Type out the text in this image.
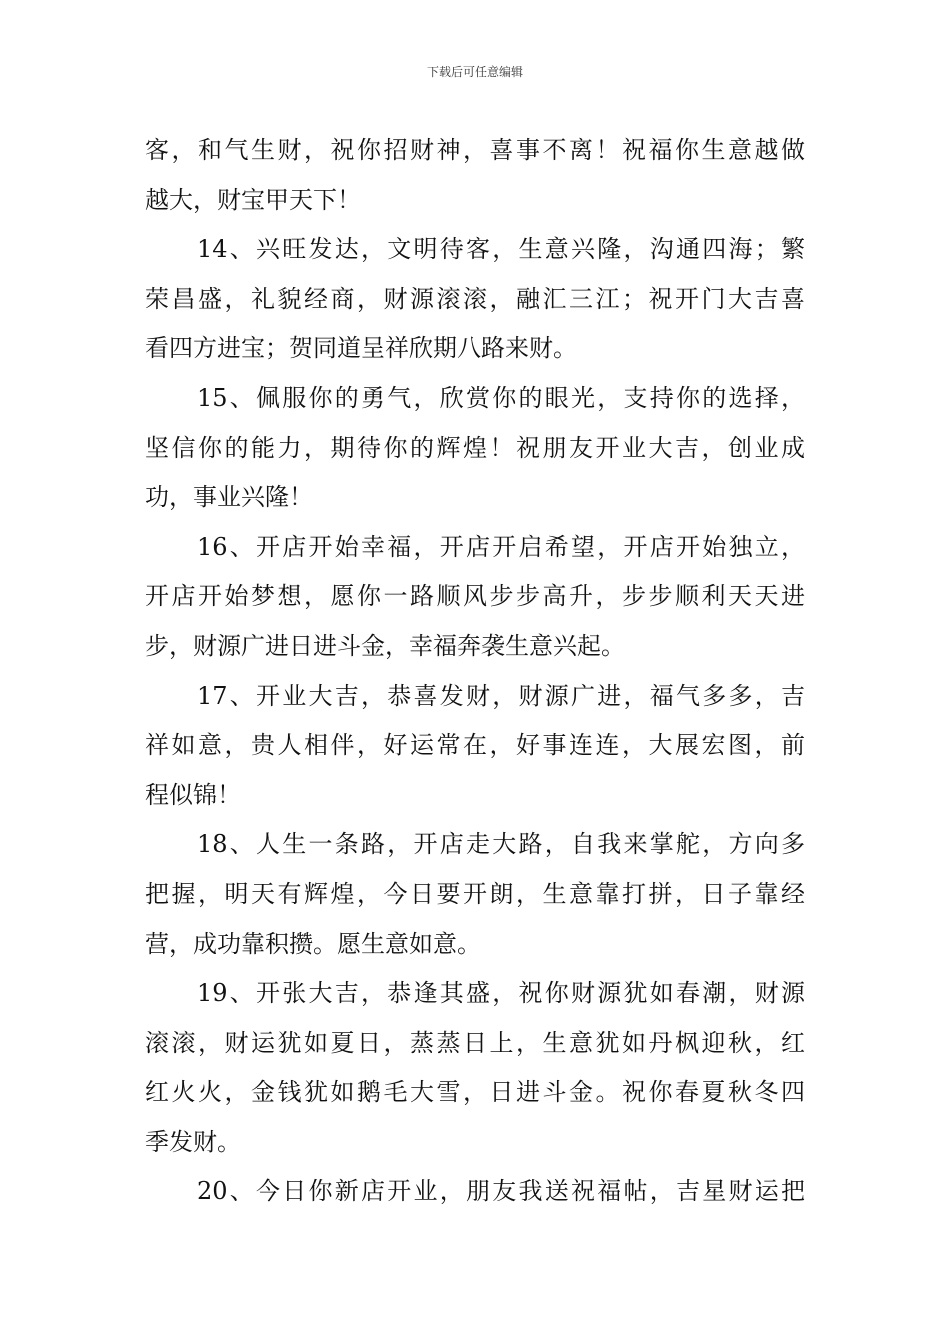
下载后可任意编辑
客，和气生财，祝你招财神，喜事不离！祝福你生意越做
越大，财宝甲天下！
14、兴旺发达，文明待客，生意兴隆，沟通四海；繁
荣昌盛，礼貌经商，财源滚滚，融汇三江；祝开门大吉喜
看四方进宝；贺同道呈祥欣期八路来财。
15、佩服你的勇气，欣赏你的眼光，支持你的选择，
坚信你的能力，期待你的辉煌！祝朋友开业大吉，创业成
功，事业兴隆！
16、开店开始幸福，开店开启希望，开店开始独立，
开店开始梦想，愿你一路顺风步步高升，步步顺利天天进
步，财源广进日进斗金，幸福奔袭生意兴起。
17、开业大吉，恭喜发财，财源广进，福气多多，吉
祥如意，贵人相伴，好运常在，好事连连，大展宏图，前
程似锦！
18、人生一条路，开店走大路，自我来掌舵，方向多
把握，明天有辉煌，今日要开朗，生意靠打拼，日子靠经
营，成功靠积攒。愿生意如意。
19、开张大吉，恭逢其盛，祝你财源犹如春潮，财源
滚滚，财运犹如夏日，蒸蒸日上，生意犹如丹枫迎秋，红
红火火，金钱犹如鹅毛大雪，日进斗金。祝你春夏秋冬四
季发财。
20、今日你新店开业，朋友我送祝福帖，吉星财运把
